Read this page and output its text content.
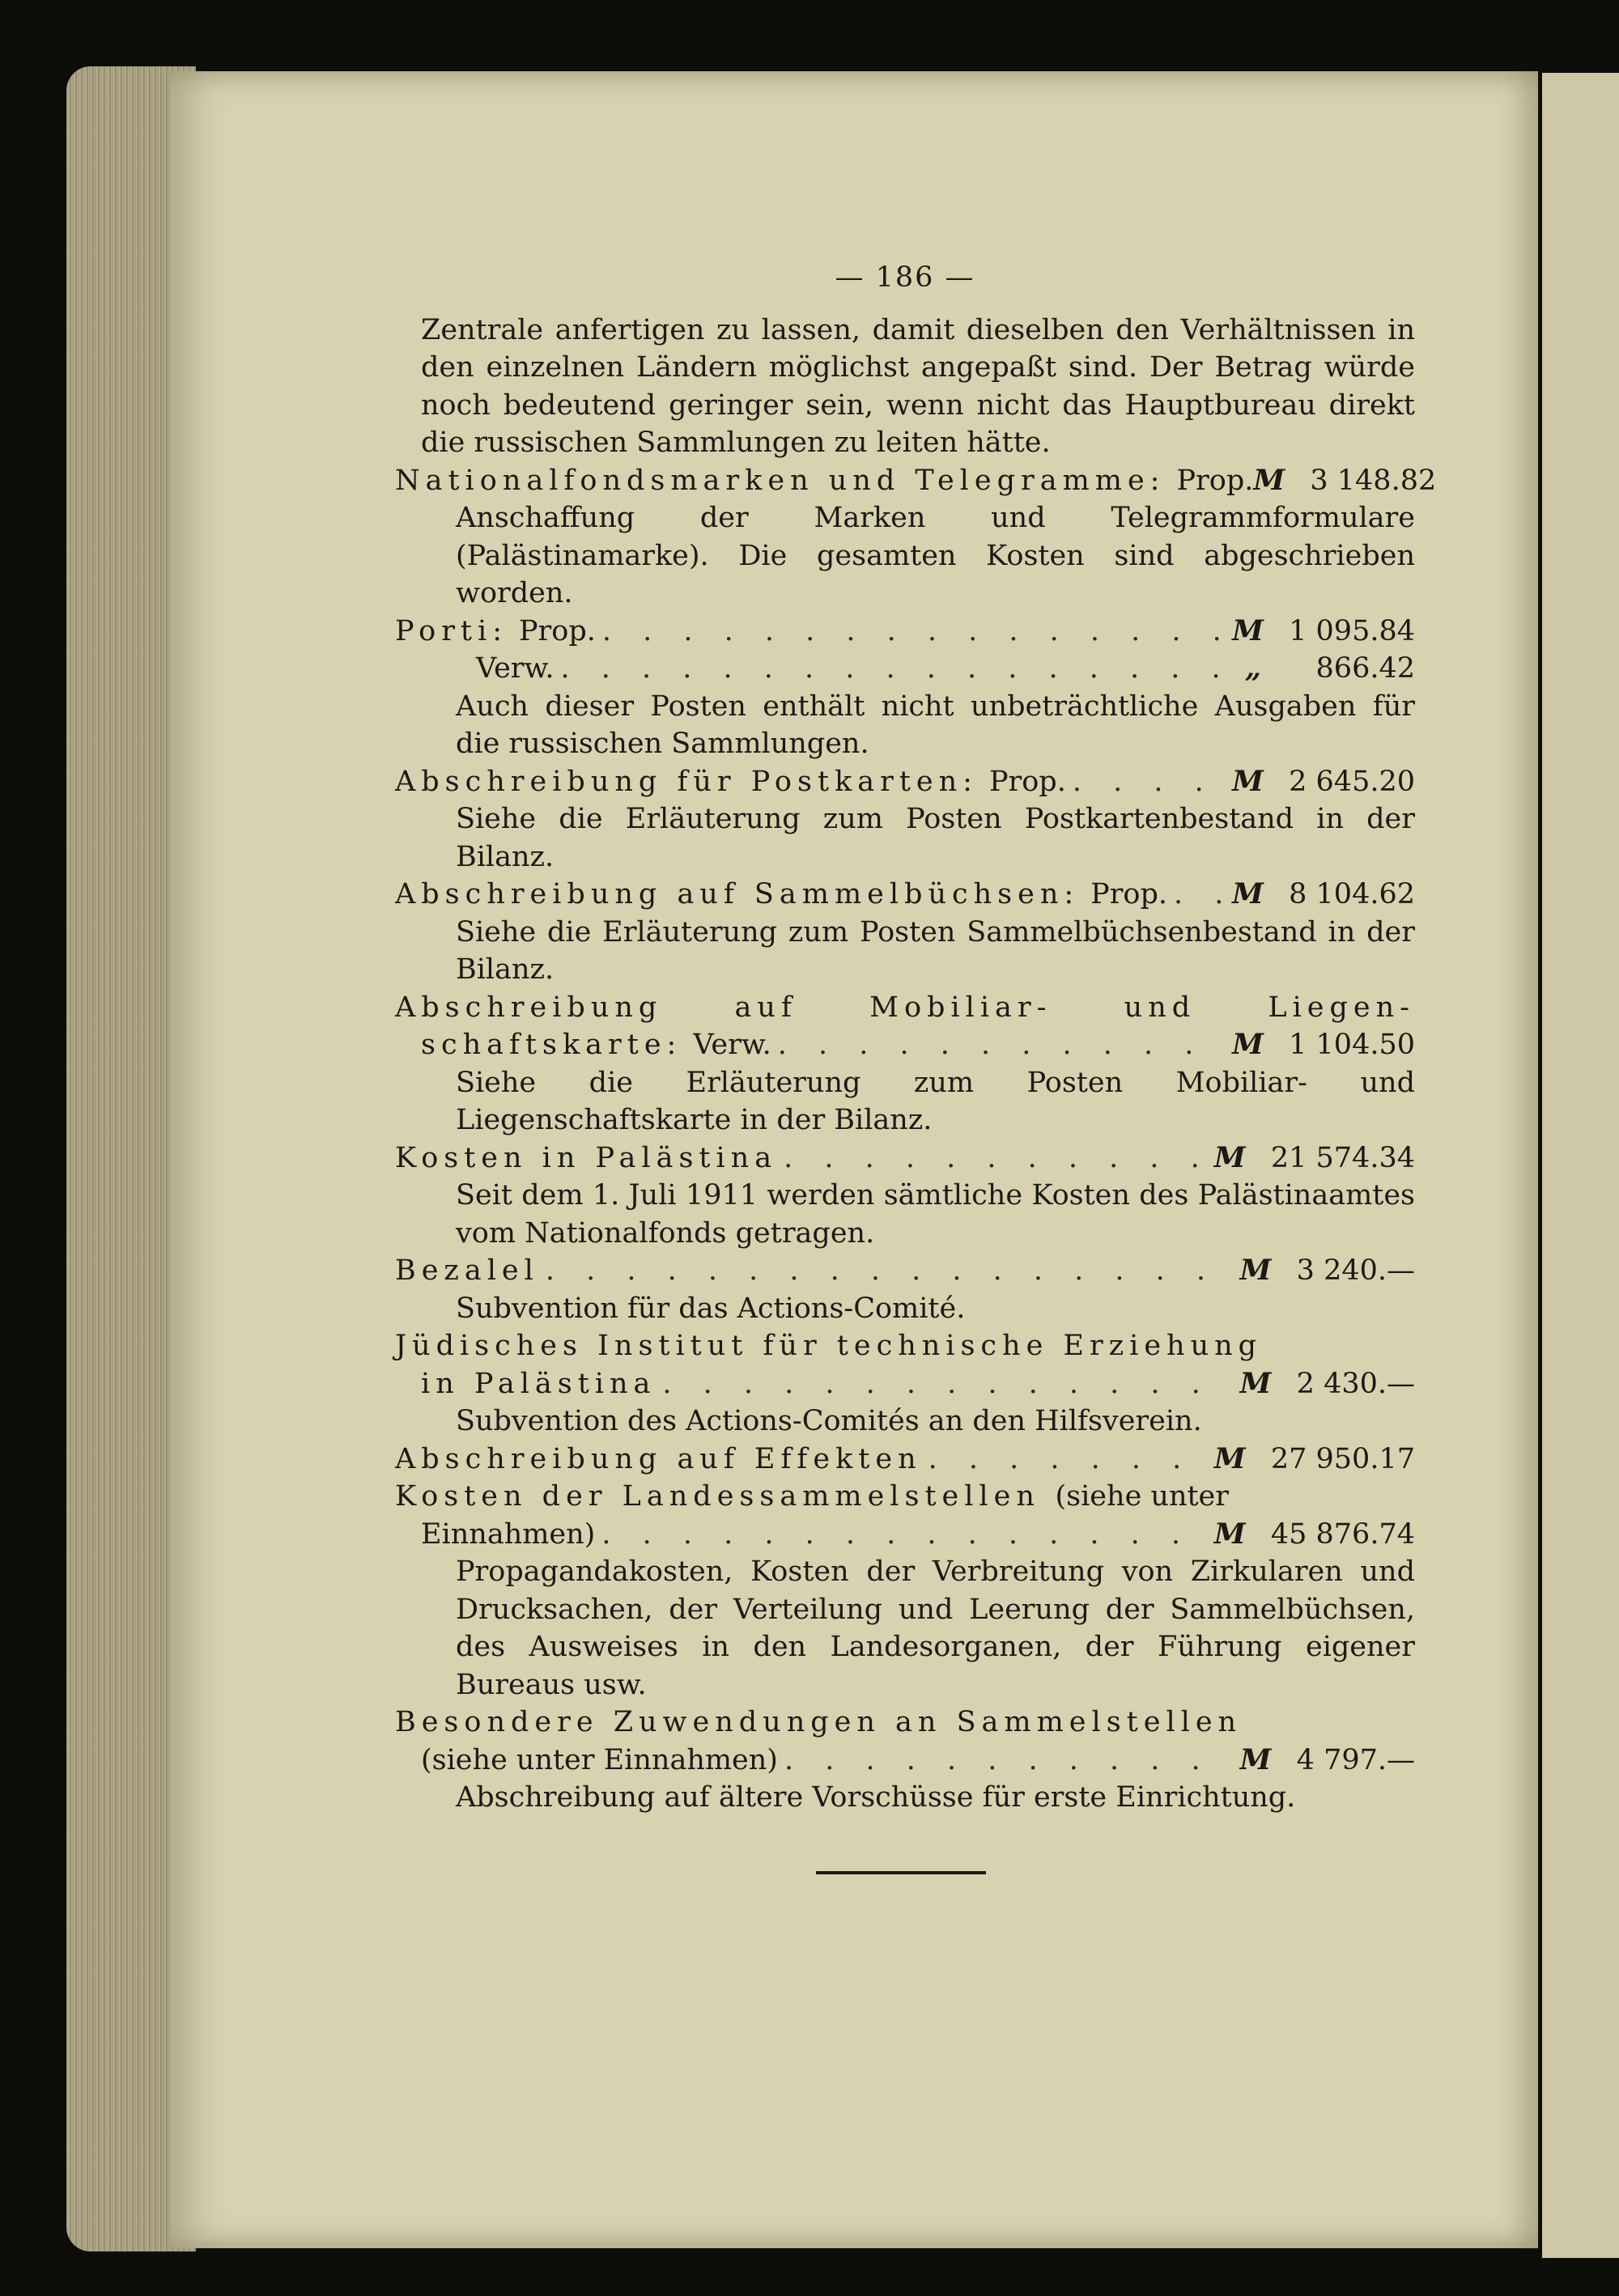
— 186 —
Zentrale anfertigen zu lassen, damit dieselben den Verhältnissen in den einzelnen Ländern möglichst angepaßt sind. Der Betrag würde noch bedeutend geringer sein, wenn nicht das Hauptbureau direkt die russischen Sammlungen zu leiten hätte.
Nationalfondsmarken und Telegramme: Prop. M 3 148.82
Anschaffung der Marken und Telegrammformulare (Palästinamarke). Die gesamten Kosten sind abgeschrieben worden.
Porti: Prop. . . .	M 1 095.84
Verw. . . .	„	866.42
Auch dieser Posten enthält nicht unbeträchtliche Ausgaben für die russischen Sammlungen.
Abschreibung für Postkarten: Prop. . . .	M 2 645.20
Siehe die Erläuterung zum Posten Postkartenbestand in der Bilanz.
Abschreibung auf Sammelbüchsen: Prop. . . . M 8 104.62
Siehe die Erläuterung zum Posten Sammelbüchsenbestand in der Bilanz.
Abschreibung auf Mobiliar- und Liegen-
schaftskarte: Verw. . . .	M 1 104.50
Siehe die Erläuterung zum Posten Mobiliar- und Liegenschaftskarte in der Bilanz.
Kosten in Palästina . . .	M 21 574.34
Seit dem 1. Juli 1911 werden sämtliche Kosten des Palästinaamtes vom Nationalfonds getragen.
Bezalel . . .	M 3 240.—
Subvention für das Actions-Comité.
Jüdisches Institut für technische Erziehung
in Palästina . . .	M 2 430.—
Subvention des Actions-Comités an den Hilfsverein.
Abschreibung auf Effekten . . .	M 27 950.17
Kosten der Landessammelstellen (siehe unter
Einnahmen) . . .	M 45 876.74
Propagandakosten, Kosten der Verbreitung von Zirkularen und Drucksachen, der Verteilung und Leerung der Sammelbüchsen, des Ausweises in den Landesorganen, der Führung eigener Bureaus usw.
Besondere Zuwendungen an Sammelstellen
(siehe unter Einnahmen) . . .	M 4 797.—
Abschreibung auf ältere Vorschüsse für erste Einrichtung.
